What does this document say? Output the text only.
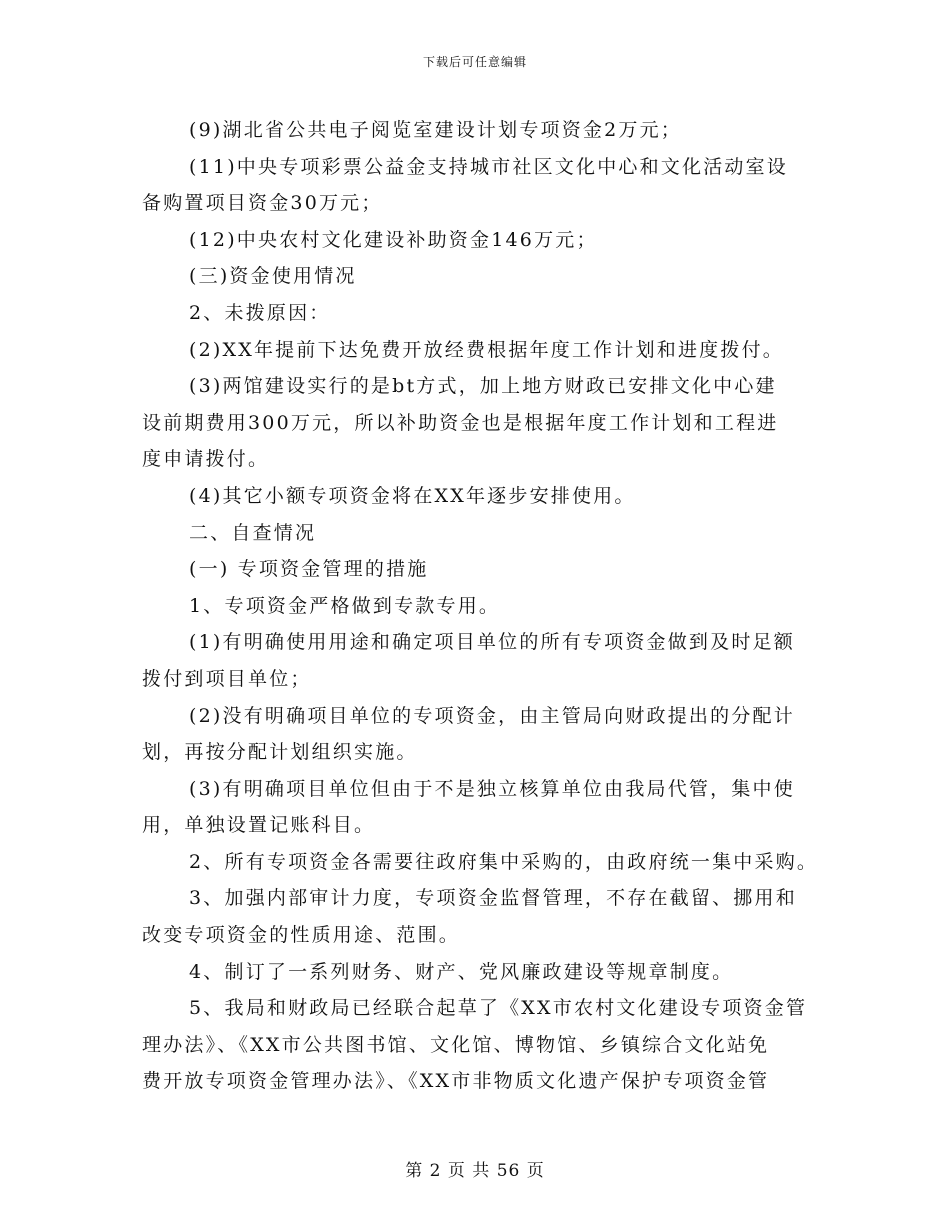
下载后可任意编辑

(9)湖北省公共电子阅览室建设计划专项资金2万元；

(11)中央专项彩票公益金支持城市社区文化中心和文化活动室设

备购置项目资金30万元；

(12)中央农村文化建设补助资金146万元；

(三)资金使用情况

2、未拨原因：

(2)XX年提前下达免费开放经费根据年度工作计划和进度拨付。

(3)两馆建设实行的是bt方式，加上地方财政已安排文化中心建

设前期费用300万元，所以补助资金也是根据年度工作计划和工程进

度申请拨付。

(4)其它小额专项资金将在XX年逐步安排使用。

二、自查情况

(一) 专项资金管理的措施

1、专项资金严格做到专款专用。

(1)有明确使用用途和确定项目单位的所有专项资金做到及时足额

拨付到项目单位；

(2)没有明确项目单位的专项资金，由主管局向财政提出的分配计

划，再按分配计划组织实施。

(3)有明确项目单位但由于不是独立核算单位由我局代管，集中使

用，单独设置记账科目。

2、所有专项资金各需要往政府集中采购的，由政府统一集中采购。

3、加强内部审计力度，专项资金监督管理，不存在截留、挪用和

改变专项资金的性质用途、范围。

4、制订了一系列财务、财产、党风廉政建设等规章制度。

5、我局和财政局已经联合起草了《XX市农村文化建设专项资金管

理办法》、《XX市公共图书馆、文化馆、博物馆、乡镇综合文化站免

费开放专项资金管理办法》、《XX市非物质文化遗产保护专项资金管

第 2 页 共 56 页
